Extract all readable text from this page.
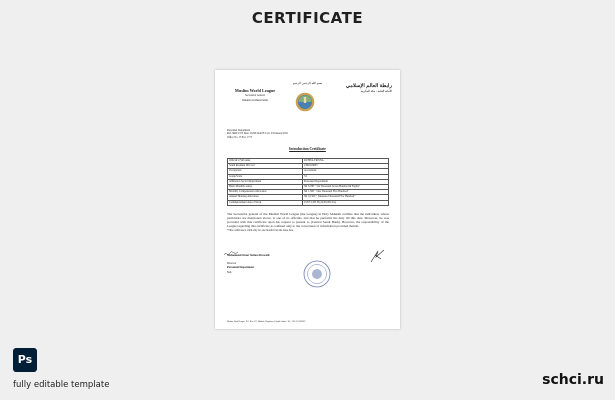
CERTIFICATE
بسم الله الرحمن الرحيم
Muslim World League
Secretariat General
Makkah Al-Mukarramah
رابطة العالم الإسلامي
الأمانة العامة - مكة المكرمة
Personnel Department
Ref: SRD/1373 Date: 20/08/1442 H Corr. 23/January/2021
Office No. 13 Ext. 1775
Introduction Certificate
Official's Full name	RUHNA TRISNA
Saudi Resident ID Card	2390419693
Occupation	Accountant
Grade/Scale	5/1
Affiliation Sector/Department	Personnel Department
Basic Monthly salary	SR 6,780 " Six Thousand Seven Hundred & Eighty"
Monthly Compensation Allowance	SR 1,500 " One Thousand Five Hundred"
Annual Housing Allowance	SR 19,500 " Nineteen Thousand Five Hundred"
Commencement date of Work	25/07/1435 H (24/05/2014 G)
The Secretariat general of the Muslim World League (the League) in Holy Makkah certifies that the individual, whose particulars are mentioned above, is one of its officials, and that he performs his duty till this date. Moreover, he was provided with this certificate upon his request to present to (Central Saudi Bank). However, the responsibility of the League regarding this certificate is confined only to the correctness of information provided therein.
*This certificate is valid only for one month from the issue date.
Mohammed Omar Sultan Alrowaili
Director
Personnel Department
MA
Muslim World League, P.O. Box 537, Makkah, Kingdom of Saudi Arabia - Tel: +966 12 5600919
Ps
fully editable template	schci.ru
